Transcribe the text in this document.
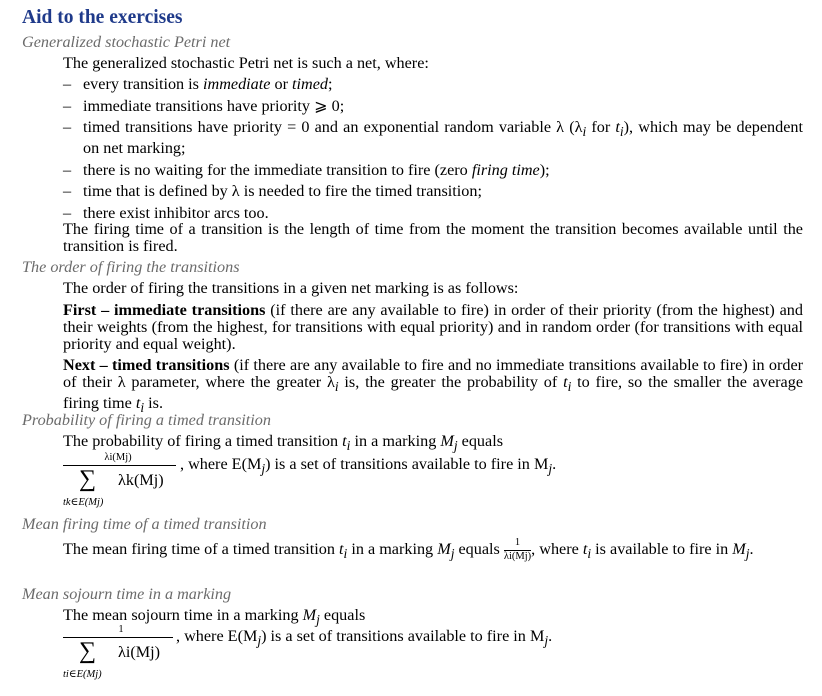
Aid to the exercises
Generalized stochastic Petri net
The generalized stochastic Petri net is such a net, where:
– every transition is immediate or timed;
– immediate transitions have priority ⩾ 0;
– timed transitions have priority = 0 and an exponential random variable λ ($\lambda_i$ for $t_i$), which may be dependent on net marking;
– there is no waiting for the immediate transition to fire (zero firing time);
– time that is defined by λ is needed to fire the timed transition;
– there exist inhibitor arcs too.
The firing time of a transition is the length of time from the moment the transition becomes available until the transition is fired.
The order of firing the transitions
The order of firing the transitions in a given net marking is as follows:
First – immediate transitions (if there are any available to fire) in order of their priority (from the highest) and their weights (from the highest, for transitions with equal priority) and in random order (for transitions with equal priority and equal weight).
Next – timed transitions (if there are any available to fire and no immediate transitions available to fire) in order of their λ parameter, where the greater $\lambda_i$ is, the greater the probability of $t_i$ to fire, so the smaller the average firing time $t_i$ is.
Probability of firing a timed transition
The probability of firing a timed transition $t_i$ in a marking $M_j$ equals
λi(Mj)
∑ λk(Mj)
tk∈E(Mj)
, where $E(M_j)$ is a set of transitions available to fire in $M_j$.
Mean firing time of a timed transition
The mean firing time of a timed transition $t_i$ in a marking $M_j$ equals $\frac{1}{\lambda i(Mj)}$ , where $t_i$ is available to fire in $M_j$.
Mean sojourn time in a marking
The mean sojourn time in a marking $M_j$ equals
1
∑ λi(Mj)
ti∈E(Mj)
, where $E(M_j)$ is a set of transitions available to fire in $M_j$.
